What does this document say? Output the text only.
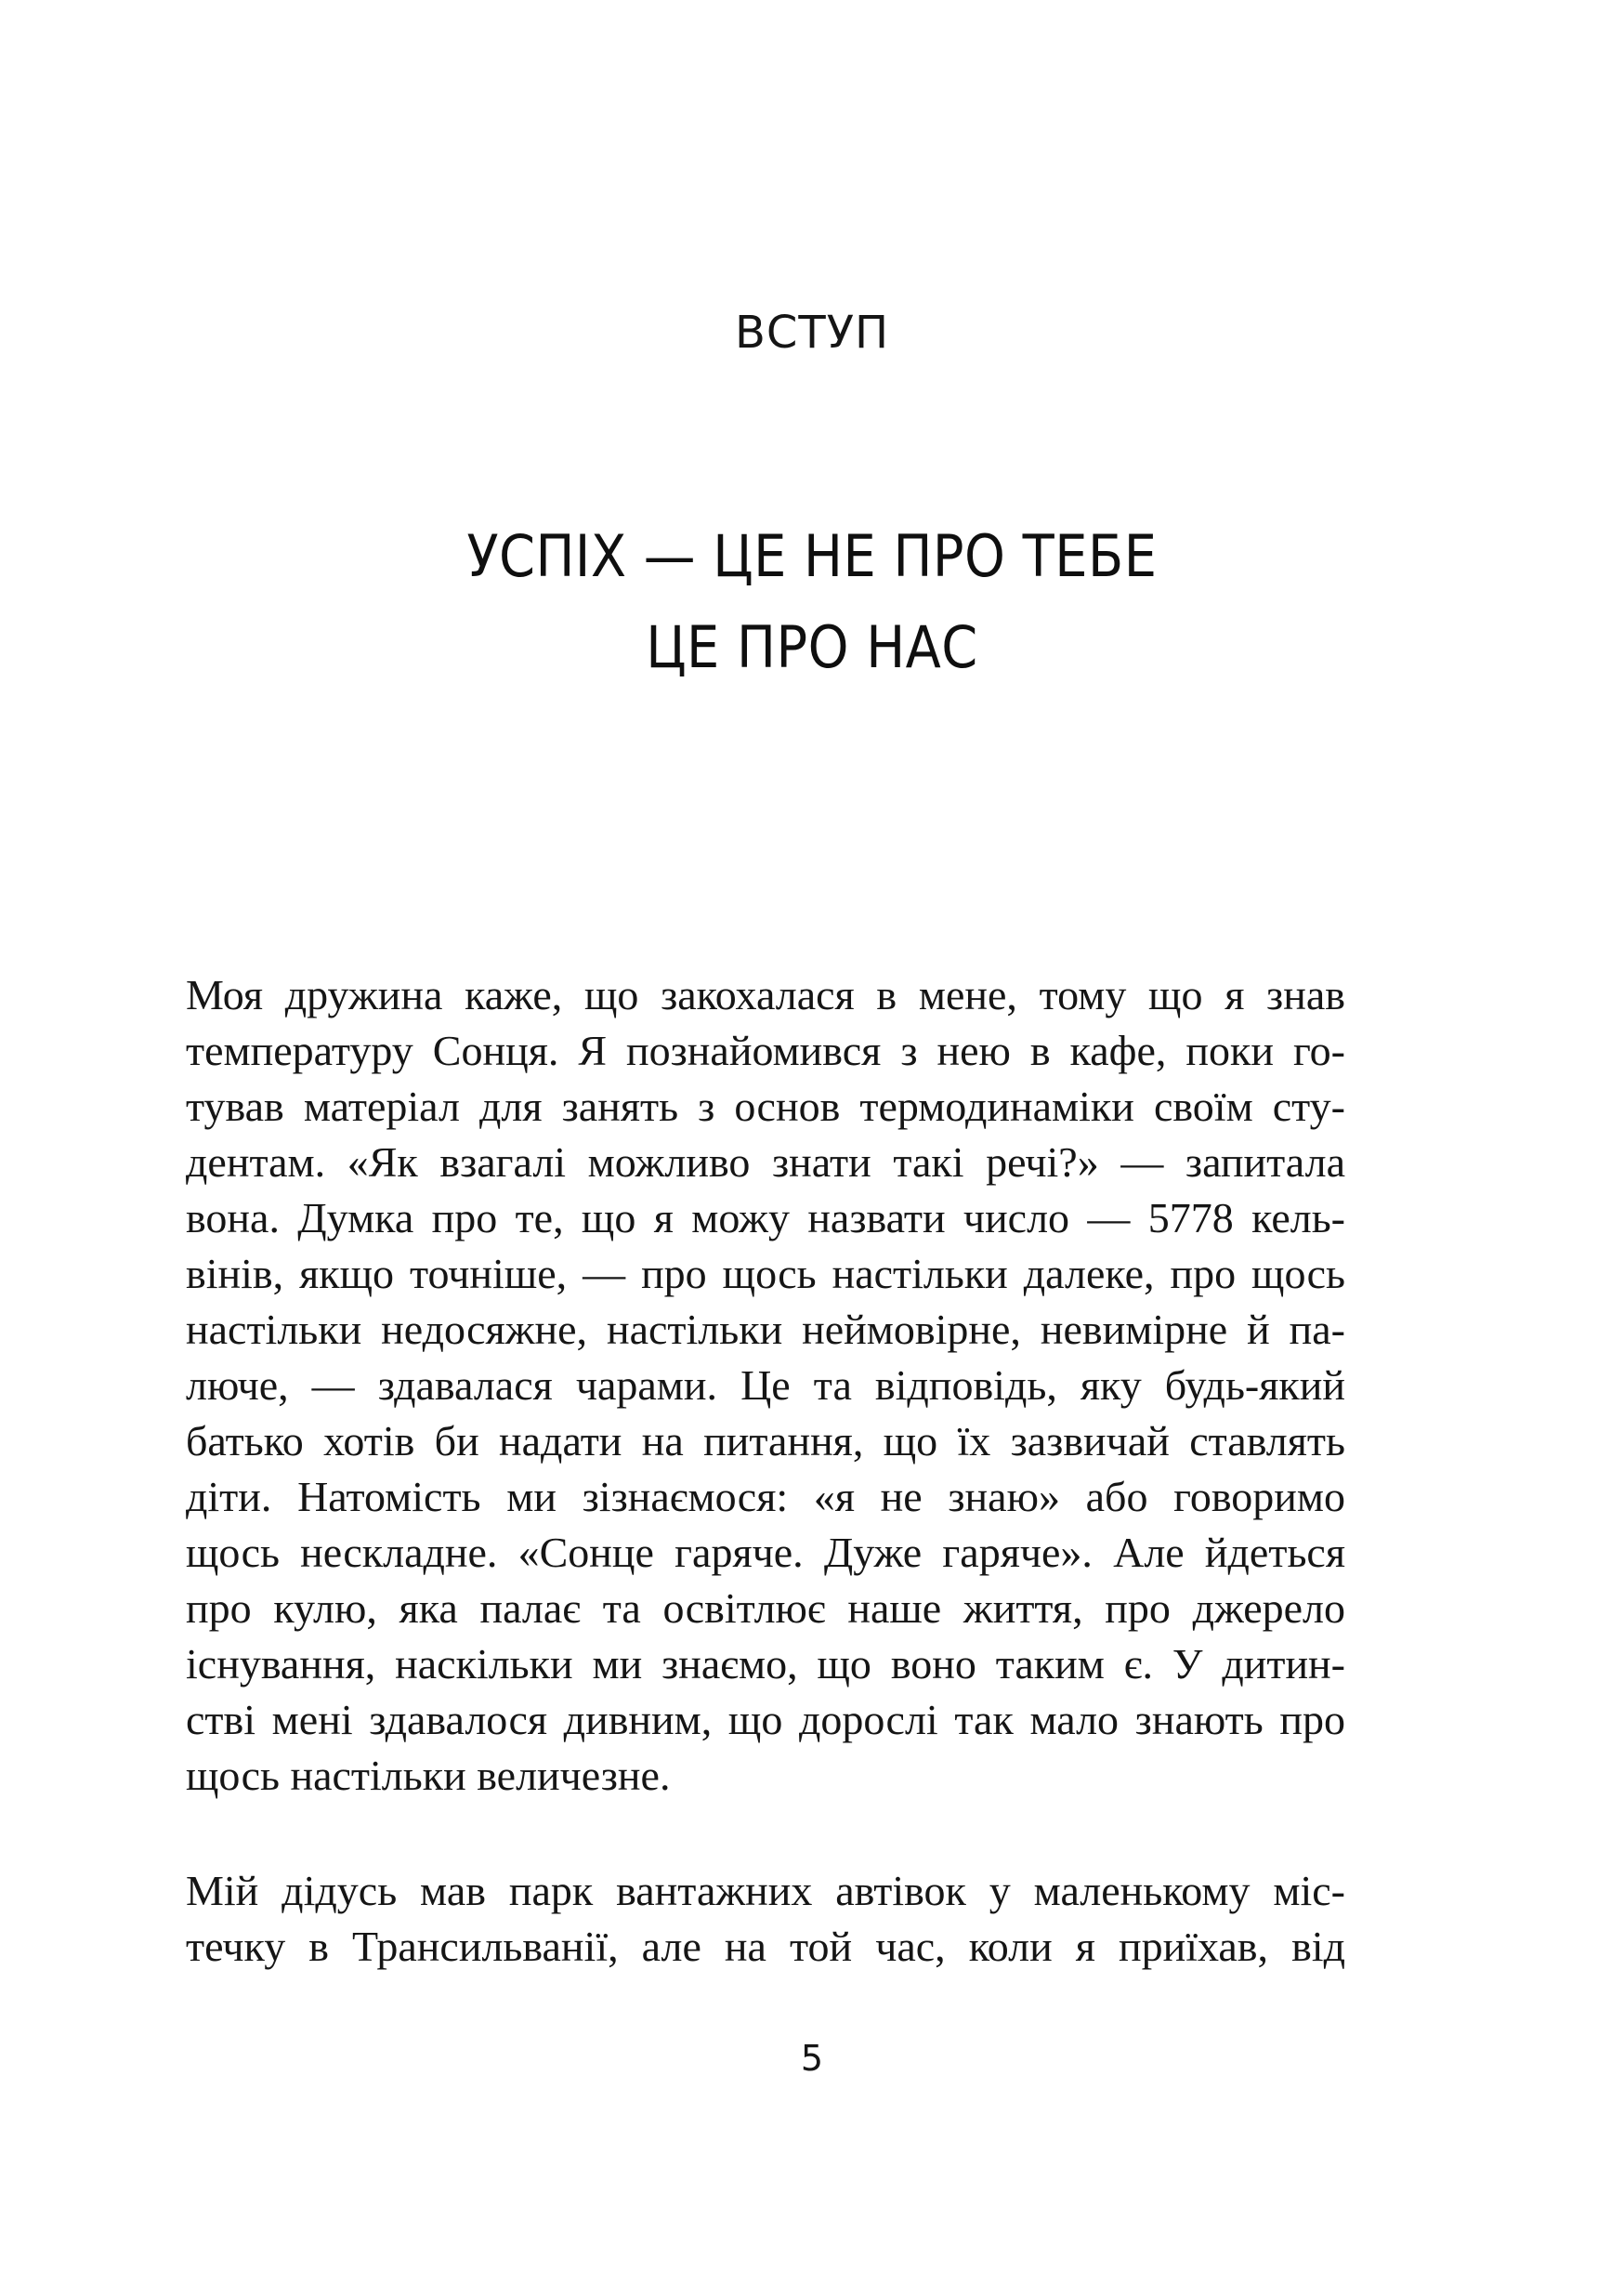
ВСТУП
УСПІХ — ЦЕ НЕ ПРО ТЕБЕ
ЦЕ ПРО НАС
Моя дружина каже, що закохалася в мене, тому що я знав
температуру Сонця. Я познайомився з нею в кафе, поки го-
тував матеріал для занять з основ термодинаміки своїм сту-
дентам. «Як взагалі можливо знати такі речі?» — запитала
вона. Думка про те, що я можу назвати число — 5778 кель-
вінів, якщо точніше, — про щось настільки далеке, про щось
настільки недосяжне, настільки неймовірне, невимірне й па-
люче, — здавалася чарами. Це та відповідь, яку будь-який
батько хотів би надати на питання, що їх зазвичай ставлять
діти. Натомість ми зізнаємося: «я не знаю» або говоримо
щось нескладне. «Сонце гаряче. Дуже гаряче». Але йдеться
про кулю, яка палає та освітлює наше життя, про джерело
існування, наскільки ми знаємо, що воно таким є. У дитин-
стві мені здавалося дивним, що дорослі так мало знають про
щось настільки величезне.
Мій дідусь мав парк вантажних автівок у маленькому міс-
течку в Трансильванії, але на той час, коли я приїхав, від
5
